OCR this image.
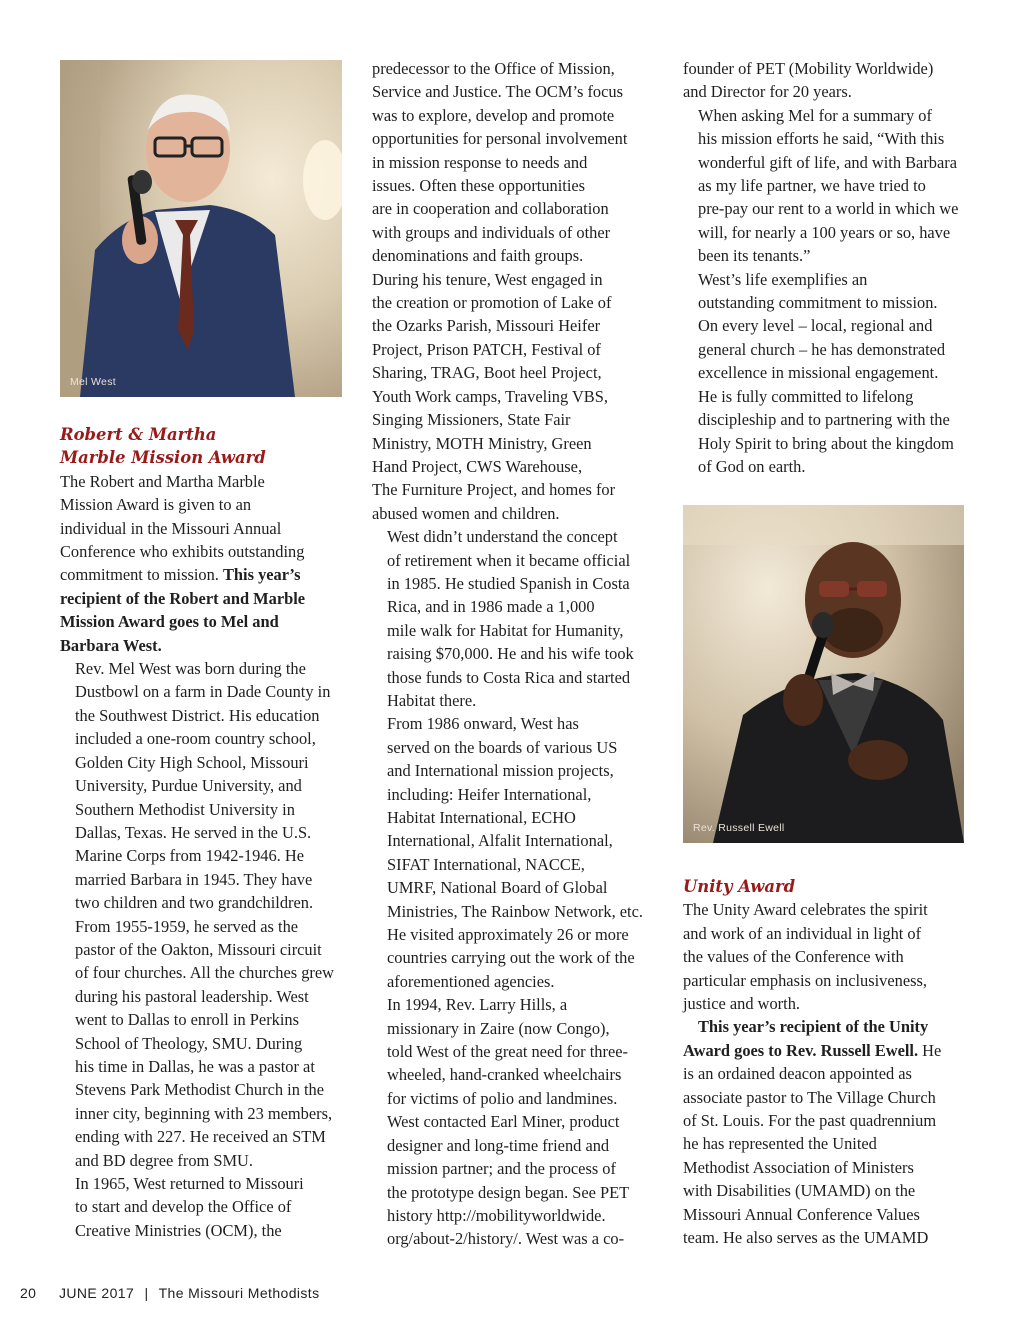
Mel West

Robert & Martha
Marble Mission Award

The Robert and Martha Marble
Mission Award is given to an
individual in the Missouri Annual
Conference who exhibits outstanding
commitment to mission. This year’s
recipient of the Robert and Marble
Mission Award goes to Mel and
Barbara West.

Rev. Mel West was born during the
Dustbowl on a farm in Dade County in
the Southwest District. His education
included a one-room country school,
Golden City High School, Missouri
University, Purdue University, and
Southern Methodist University in
Dallas, Texas. He served in the U.S.
Marine Corps from 1942-1946. He
married Barbara in 1945. They have
two children and two grandchildren.

From 1955-1959, he served as the
pastor of the Oakton, Missouri circuit
of four churches. All the churches grew
during his pastoral leadership. West
went to Dallas to enroll in Perkins
School of Theology, SMU. During
his time in Dallas, he was a pastor at
Stevens Park Methodist Church in the
inner city, beginning with 23 members,
ending with 227. He received an STM
and BD degree from SMU.

In 1965, West returned to Missouri
to start and develop the Office of
Creative Ministries (OCM), the

predecessor to the Office of Mission,
Service and Justice. The OCM’s focus
was to explore, develop and promote
opportunities for personal involvement
in mission response to needs and
issues. Often these opportunities
are in cooperation and collaboration
with groups and individuals of other
denominations and faith groups.
During his tenure, West engaged in
the creation or promotion of Lake of
the Ozarks Parish, Missouri Heifer
Project, Prison PATCH, Festival of
Sharing, TRAG, Boot heel Project,
Youth Work camps, Traveling VBS,
Singing Missioners, State Fair
Ministry, MOTH Ministry, Green
Hand Project, CWS Warehouse,
The Furniture Project, and homes for
abused women and children.

West didn’t understand the concept
of retirement when it became official
in 1985. He studied Spanish in Costa
Rica, and in 1986 made a 1,000
mile walk for Habitat for Humanity,
raising $70,000. He and his wife took
those funds to Costa Rica and started
Habitat there.

From 1986 onward, West has
served on the boards of various US
and International mission projects,
including: Heifer International,
Habitat International, ECHO
International, Alfalit International,
SIFAT International, NACCE,
UMRF, National Board of Global
Ministries, The Rainbow Network, etc.
He visited approximately 26 or more
countries carrying out the work of the
aforementioned agencies.

In 1994, Rev. Larry Hills, a
missionary in Zaire (now Congo),
told West of the great need for three-
wheeled, hand-cranked wheelchairs
for victims of polio and landmines.
West contacted Earl Miner, product
designer and long-time friend and
mission partner; and the process of
the prototype design began. See PET
history http://mobilityworldwide.
org/about-2/history/. West was a co-

founder of PET (Mobility Worldwide)
and Director for 20 years.

When asking Mel for a summary of
his mission efforts he said, “With this
wonderful gift of life, and with Barbara
as my life partner, we have tried to
pre-pay our rent to a world in which we
will, for nearly a 100 years or so, have
been its tenants.”

West’s life exemplifies an
outstanding commitment to mission.
On every level – local, regional and
general church – he has demonstrated
excellence in missional engagement.
He is fully committed to lifelong
discipleship and to partnering with the
Holy Spirit to bring about the kingdom
of God on earth.

Rev. Russell Ewell

Unity Award

The Unity Award celebrates the spirit
and work of an individual in light of
the values of the Conference with
particular emphasis on inclusiveness,
justice and worth.

This year’s recipient of the Unity
Award goes to Rev. Russell Ewell. He
is an ordained deacon appointed as
associate pastor to The Village Church
of St. Louis. For the past quadrennium
he has represented the United
Methodist Association of Ministers
with Disabilities (UMAMD) on the
Missouri Annual Conference Values
team. He also serves as the UMAMD

20 JUNE 2017 | The Missouri Methodists
